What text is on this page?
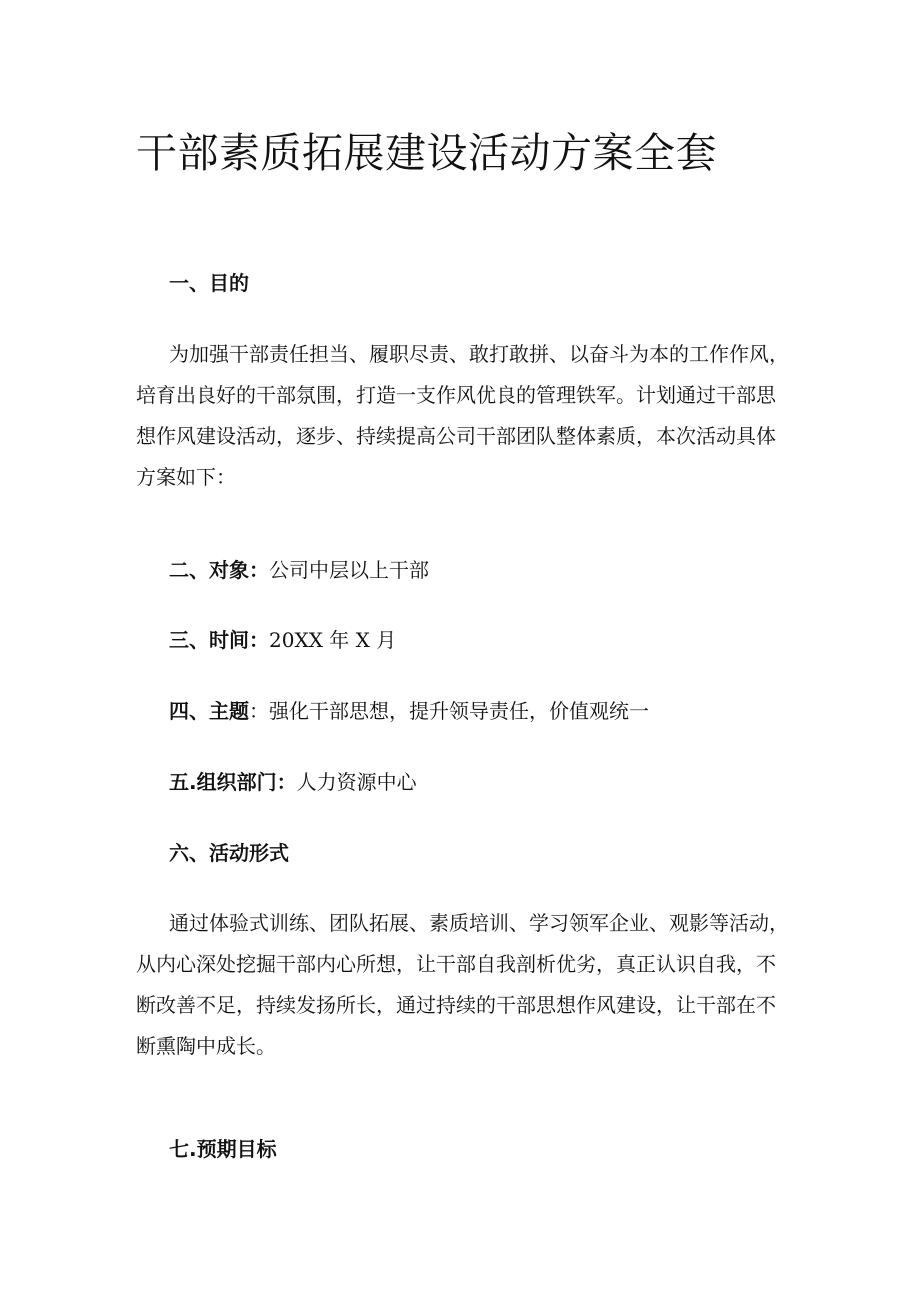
干部素质拓展建设活动方案全套

一、目的

为加强干部责任担当、履职尽责、敢打敢拼、以奋斗为本的工作作风，
培育出良好的干部氛围，打造一支作风优良的管理铁军。计划通过干部思
想作风建设活动，逐步、持续提高公司干部团队整体素质，本次活动具体
方案如下：

二、对象：公司中层以上干部

三、时间：20XX 年 X 月

四、主题：强化干部思想，提升领导责任，价值观统一

五.组织部门：人力资源中心

六、活动形式

通过体验式训练、团队拓展、素质培训、学习领军企业、观影等活动，
从内心深处挖掘干部内心所想，让干部自我剖析优劣，真正认识自我，不
断改善不足，持续发扬所长，通过持续的干部思想作风建设，让干部在不
断熏陶中成长。

七.预期目标
